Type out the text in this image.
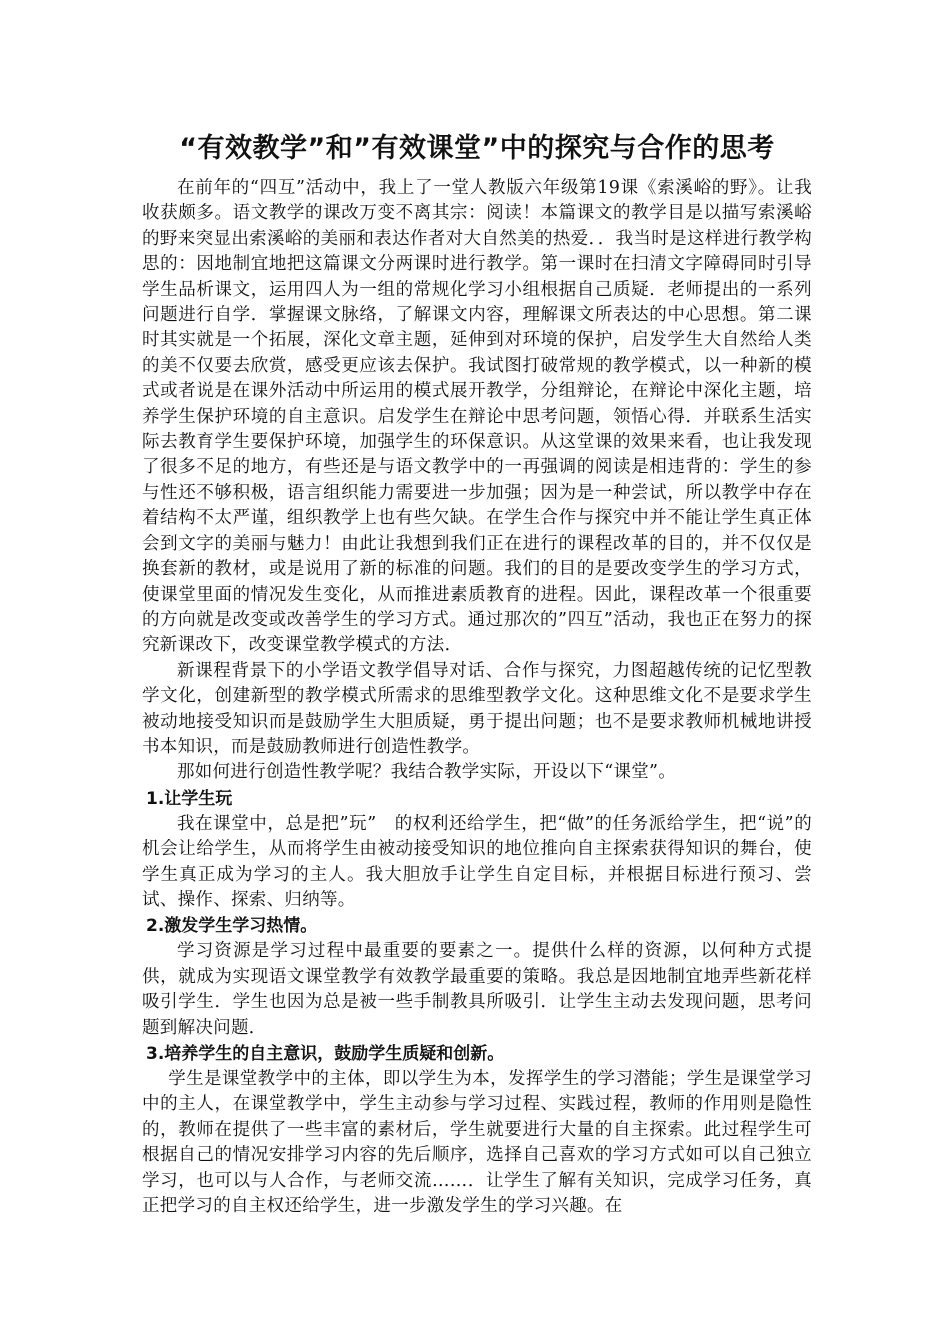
“有效教学”和”有效课堂”中的探究与合作的思考

在前年的“四互”活动中，我上了一堂人教版六年级第19课《索溪峪的野》。让我收获颇多。语文教学的课改万变不离其宗：阅读！本篇课文的教学目是以描写索溪峪的野来突显出索溪峪的美丽和表达作者对大自然美的热爱．．我当时是这样进行教学构思的：因地制宜地把这篇课文分两课时进行教学。第一课时在扫清文字障碍同时引导学生品析课文，运用四人为一组的常规化学习小组根据自己质疑．老师提出的一系列问题进行自学．掌握课文脉络，了解课文内容，理解课文所表达的中心思想。第二课时其实就是一个拓展，深化文章主题，延伸到对环境的保护，启发学生大自然给人类的美不仅要去欣赏，感受更应该去保护。我试图打破常规的教学模式，以一种新的模式或者说是在课外活动中所运用的模式展开教学，分组辩论，在辩论中深化主题，培养学生保护环境的自主意识。启发学生在辩论中思考问题，领悟心得．并联系生活实际去教育学生要保护环境，加强学生的环保意识。从这堂课的效果来看，也让我发现了很多不足的地方，有些还是与语文教学中的一再强调的阅读是相违背的：学生的参与性还不够积极，语言组织能力需要进一步加强；因为是一种尝试，所以教学中存在着结构不太严谨，组织教学上也有些欠缺。在学生合作与探究中并不能让学生真正体会到文字的美丽与魅力！由此让我想到我们正在进行的课程改革的目的，并不仅仅是换套新的教材，或是说用了新的标准的问题。我们的目的是要改变学生的学习方式，使课堂里面的情况发生变化，从而推进素质教育的进程。因此，课程改革一个很重要的方向就是改变或改善学生的学习方式。通过那次的”四互”活动，我也正在努力的探究新课改下，改变课堂教学模式的方法．

新课程背景下的小学语文教学倡导对话、合作与探究，力图超越传统的记忆型教学文化，创建新型的教学模式所需求的思维型教学文化。这种思维文化不是要求学生被动地接受知识而是鼓励学生大胆质疑，勇于提出问题；也不是要求教师机械地讲授书本知识，而是鼓励教师进行创造性教学。

那如何进行创造性教学呢？我结合教学实际，开设以下“课堂”。

1.让学生玩

我在课堂中，总是把”玩”　的权利还给学生，把“做”的任务派给学生，把“说”的机会让给学生，从而将学生由被动接受知识的地位推向自主探索获得知识的舞台，使学生真正成为学习的主人。我大胆放手让学生自定目标，并根据目标进行预习、尝试、操作、探索、归纳等。

2.激发学生学习热情。

学习资源是学习过程中最重要的要素之一。提供什么样的资源，以何种方式提供，就成为实现语文课堂教学有效教学最重要的策略。我总是因地制宜地弄些新花样吸引学生．学生也因为总是被一些手制教具所吸引．让学生主动去发现问题，思考问题到解决问题．

3.培养学生的自主意识，鼓励学生质疑和创新。

学生是课堂教学中的主体，即以学生为本，发挥学生的学习潜能；学生是课堂学习中的主人，在课堂教学中，学生主动参与学习过程、实践过程，教师的作用则是隐性的，教师在提供了一些丰富的素材后，学生就要进行大量的自主探索。此过程学生可根据自己的情况安排学习内容的先后顺序，选择自己喜欢的学习方式如可以自己独立学习，也可以与人合作，与老师交流……．让学生了解有关知识，完成学习任务，真正把学习的自主权还给学生，进一步激发学生的学习兴趣。在
